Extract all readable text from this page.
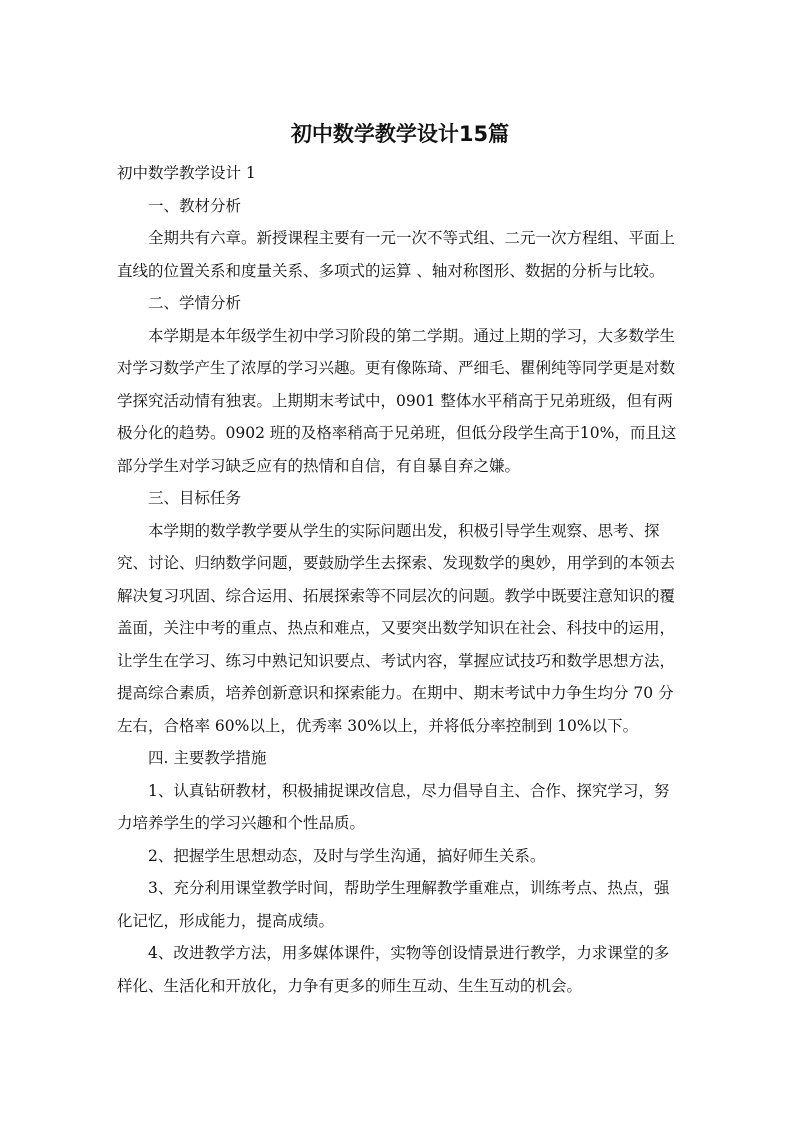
初中数学教学设计15篇

初中数学教学设计 1

一、教材分析

全期共有六章。新授课程主要有一元一次不等式组、二元一次方程组、平面上直线的位置关系和度量关系、多项式的运算 、轴对称图形、数据的分析与比较。

二、学情分析

本学期是本年级学生初中学习阶段的第二学期。通过上期的学习，大多数学生对学习数学产生了浓厚的学习兴趣。更有像陈琦、严细毛、瞿俐纯等同学更是对数学探究活动情有独衷。上期期末考试中，0901 整体水平稍高于兄弟班级，但有两极分化的趋势。0902 班的及格率稍高于兄弟班，但低分段学生高于10%，而且这部分学生对学习缺乏应有的热情和自信，有自暴自弃之嫌。

三、目标任务

本学期的数学教学要从学生的实际问题出发，积极引导学生观察、思考、探究、讨论、归纳数学问题，要鼓励学生去探索、发现数学的奥妙，用学到的本领去解决复习巩固、综合运用、拓展探索等不同层次的问题。教学中既要注意知识的覆盖面，关注中考的重点、热点和难点，又要突出数学知识在社会、科技中的运用，让学生在学习、练习中熟记知识要点、考试内容，掌握应试技巧和数学思想方法，提高综合素质，培养创新意识和探索能力。在期中、期末考试中力争生均分 70 分左右，合格率 60%以上，优秀率 30%以上，并将低分率控制到 10%以下。

四. 主要教学措施

1、认真钻研教材，积极捕捉课改信息，尽力倡导自主、合作、探究学习，努力培养学生的学习兴趣和个性品质。

2、把握学生思想动态，及时与学生沟通，搞好师生关系。

3、充分利用课堂教学时间，帮助学生理解教学重难点，训练考点、热点，强化记忆，形成能力，提高成绩。

4、改进教学方法，用多媒体课件，实物等创设情景进行教学，力求课堂的多样化、生活化和开放化，力争有更多的师生互动、生生互动的机会。
